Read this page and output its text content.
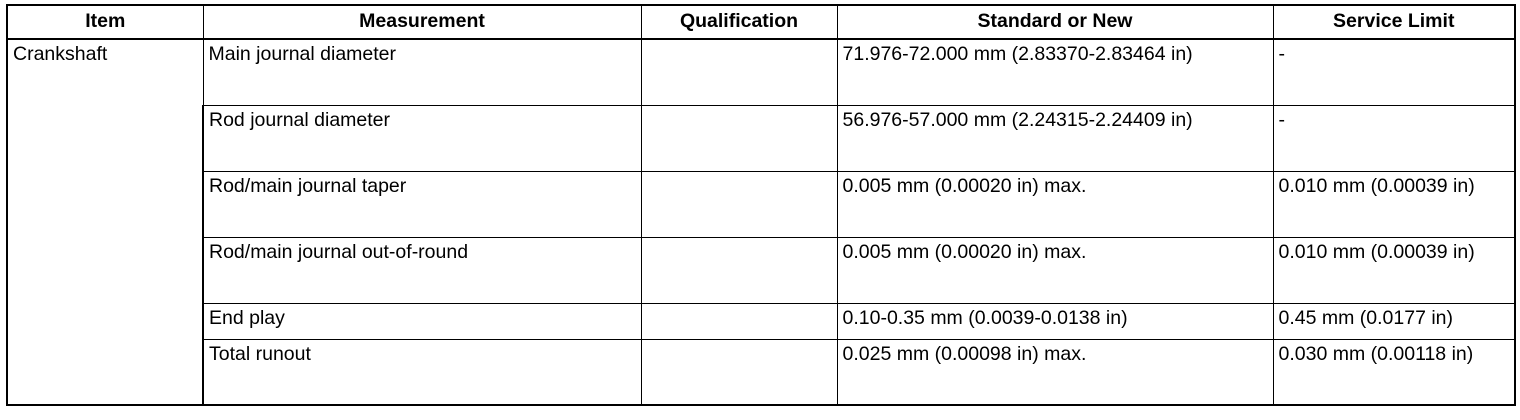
Item	Measurement	Qualification	Standard or New	Service Limit
Crankshaft	Main journal diameter		71.976-72.000 mm (2.83370-2.83464 in)	-
	Rod journal diameter		56.976-57.000 mm (2.24315-2.24409 in)	-
	Rod/main journal taper		0.005 mm (0.00020 in) max.	0.010 mm (0.00039 in)
	Rod/main journal out-of-round		0.005 mm (0.00020 in) max.	0.010 mm (0.00039 in)
	End play		0.10-0.35 mm (0.0039-0.0138 in)	0.45 mm (0.0177 in)
	Total runout		0.025 mm (0.00098 in) max.	0.030 mm (0.00118 in)
